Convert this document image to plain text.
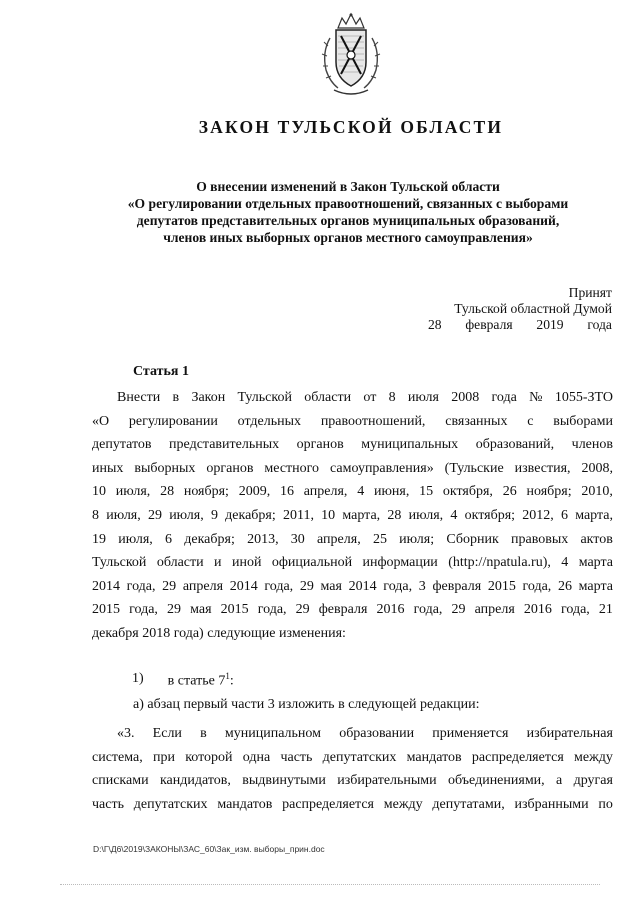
ЗАКОН ТУЛЬСКОЙ ОБЛАСТИ
О внесении изменений в Закон Тульской области
«О регулировании отдельных правоотношений, связанных с выборами
депутатов представительных органов муниципальных образований,
членов иных выборных органов местного самоуправления»
Принят
Тульской областной Думой
28 февраля 2019 года
Статья 1
Внести в Закон Тульской области от 8 июля 2008 года № 1055-ЗТО
«О регулировании отдельных правоотношений, связанных с выборами
депутатов представительных органов муниципальных образований, членов
иных выборных органов местного самоуправления» (Тульские известия, 2008,
10 июля, 28 ноября; 2009, 16 апреля, 4 июня, 15 октября, 26 ноября; 2010,
8 июля, 29 июля, 9 декабря; 2011, 10 марта, 28 июля, 4 октября; 2012, 6 марта,
19 июля, 6 декабря; 2013, 30 апреля, 25 июля; Сборник правовых актов
Тульской области и иной официальной информации (http://npatula.ru), 4 марта
2014 года, 29 апреля 2014 года, 29 мая 2014 года, 3 февраля 2015 года, 26 марта
2015 года, 29 мая 2015 года, 29 февраля 2016 года, 29 апреля 2016 года, 21
декабря 2018 года) следующие изменения:
1) в статье $7^1$:
а) абзац первый части 3 изложить в следующей редакции:
«3. Если в муниципальном образовании применяется избирательная
система, при которой одна часть депутатских мандатов распределяется между
списками кандидатов, выдвинутыми избирательными объединениями, а другая
часть депутатских мандатов распределяется между депутатами, избранными по
D:\Г\Д6\2019\ЗАКОНЫ\ЗАС_60\Зак_изм. выборы_прин.doc
